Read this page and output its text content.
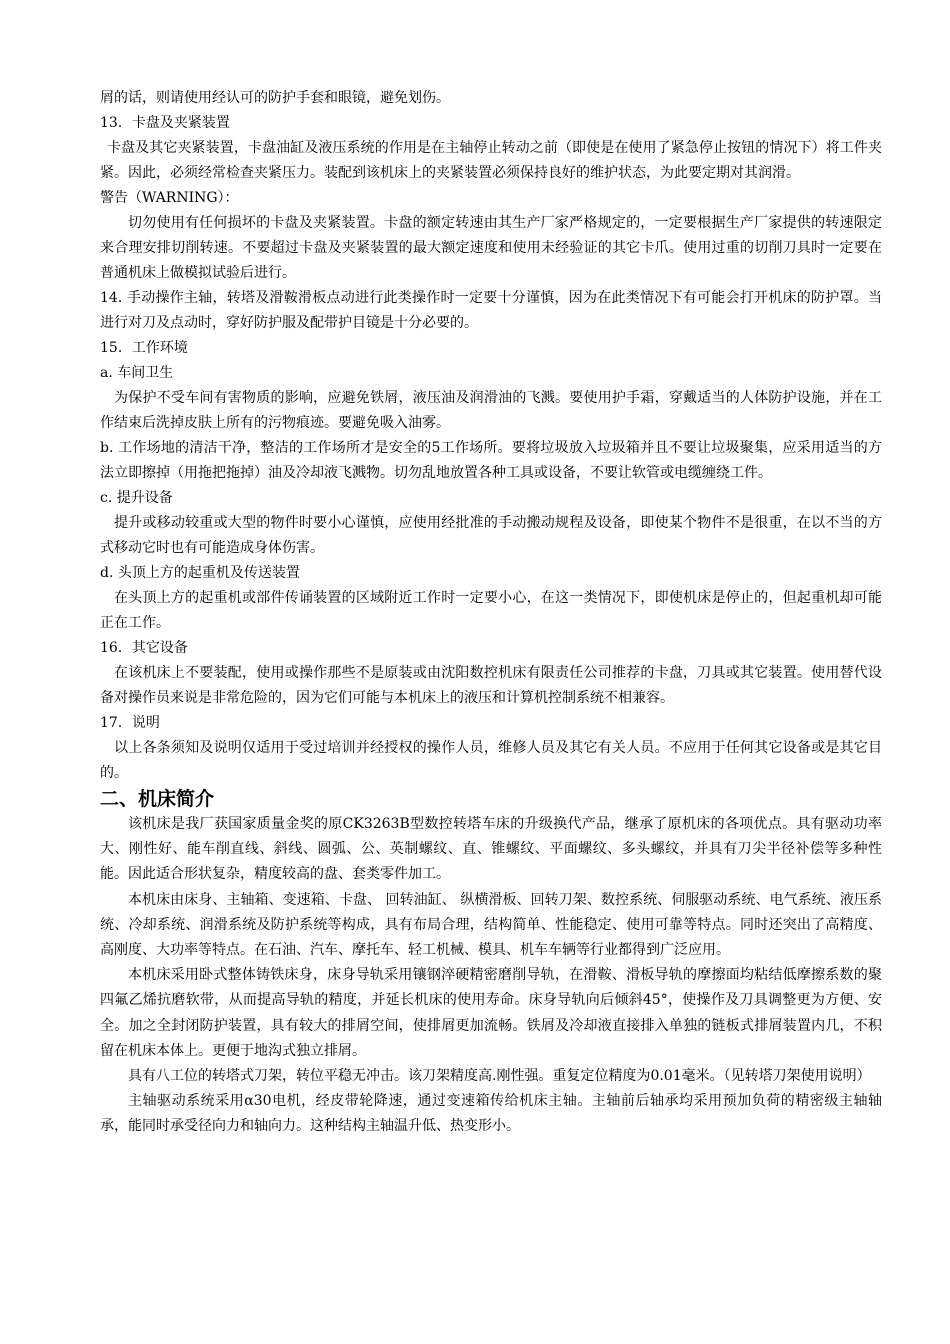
屑的话，则请使用经认可的防护手套和眼镜，避免划伤。

13．卡盘及夹紧装置

卡盘及其它夹紧装置，卡盘油缸及液压系统的作用是在主轴停止转动之前（即使是在使用了紧急停止按钮的情况下）将工件夹紧。因此，必须经常检查夹紧压力。装配到该机床上的夹紧装置必须保持良好的维护状态，为此要定期对其润滑。

警告（WARNING）：

切勿使用有任何损坏的卡盘及夹紧装置。卡盘的额定转速由其生产厂家严格规定的，一定要根据生产厂家提供的转速限定来合理安排切削转速。不要超过卡盘及夹紧装置的最大额定速度和使用未经验证的其它卡爪。使用过重的切削刀具时一定要在普通机床上做模拟试验后进行。

14. 手动操作主轴，转塔及滑鞍滑板点动进行此类操作时一定要十分谨慎，因为在此类情况下有可能会打开机床的防护罩。当进行对刀及点动时，穿好防护服及配带护目镜是十分必要的。

15．工作环境

a. 车间卫生

为保护不受车间有害物质的影响，应避免铁屑，液压油及润滑油的飞溅。要使用护手霜，穿戴适当的人体防护设施，并在工作结束后洗掉皮肤上所有的污物痕迹。要避免吸入油雾。

b. 工作场地的清洁干净，整洁的工作场所才是安全的5工作场所。要将垃圾放入垃圾箱并且不要让垃圾聚集，应采用适当的方法立即擦掉（用拖把拖掉）油及冷却液飞溅物。切勿乱地放置各种工具或设备，不要让软管或电缆缠绕工件。

c. 提升设备

提升或移动较重或大型的物件时要小心谨慎，应使用经批准的手动搬动规程及设备，即使某个物件不是很重，在以不当的方式移动它时也有可能造成身体伤害。

d. 头顶上方的起重机及传送装置

在头顶上方的起重机或部件传诵装置的区域附近工作时一定要小心，在这一类情况下，即使机床是停止的，但起重机却可能正在工作。

16．其它设备

在该机床上不要装配，使用或操作那些不是原装或由沈阳数控机床有限责任公司推荐的卡盘，刀具或其它装置。使用替代设备对操作员来说是非常危险的，因为它们可能与本机床上的液压和计算机控制系统不相兼容。

17．说明

以上各条须知及说明仅适用于受过培训并经授权的操作人员，维修人员及其它有关人员。不应用于任何其它设备或是其它目的。

二、机床简介

该机床是我厂获国家质量金奖的原CK3263B型数控转塔车床的升级换代产品，继承了原机床的各项优点。具有驱动功率大、刚性好、能车削直线、斜线、圆弧、公、英制螺纹、直、锥螺纹、平面螺纹、多头螺纹，并具有刀尖半径补偿等多种性能。因此适合形状复杂，精度较高的盘、套类零件加工。

本机床由床身、主轴箱、变速箱、卡盘、 回转油缸、 纵横滑板、回转刀架、数控系统、伺服驱动系统、电气系统、液压系统、冷却系统、润滑系统及防护系统等构成，具有布局合理，结构简单、性能稳定、使用可靠等特点。同时还突出了高精度、高刚度、大功率等特点。在石油、汽车、摩托车、轻工机械、模具、机车车辆等行业都得到广泛应用。

本机床采用卧式整体铸铁床身，床身导轨采用镶钢淬硬精密磨削导轨，在滑鞍、滑板导轨的摩擦面均粘结低摩擦系数的聚四氟乙烯抗磨软带，从而提高导轨的精度，并延长机床的使用寿命。床身导轨向后倾斜45°，使操作及刀具调整更为方便、安全。加之全封闭防护装置，具有较大的排屑空间，使排屑更加流畅。铁屑及冷却液直接排入单独的链板式排屑装置内几，不积留在机床本体上。更便于地沟式独立排屑。

具有八工位的转塔式刀架，转位平稳无冲击。该刀架精度高.刚性强。重复定位精度为0.01毫米。（见转塔刀架使用说明）

主轴驱动系统采用α30电机，经皮带轮降速，通过变速箱传给机床主轴。主轴前后轴承均采用预加负荷的精密级主轴轴承，能同时承受径向力和轴向力。这种结构主轴温升低、热变形小。
